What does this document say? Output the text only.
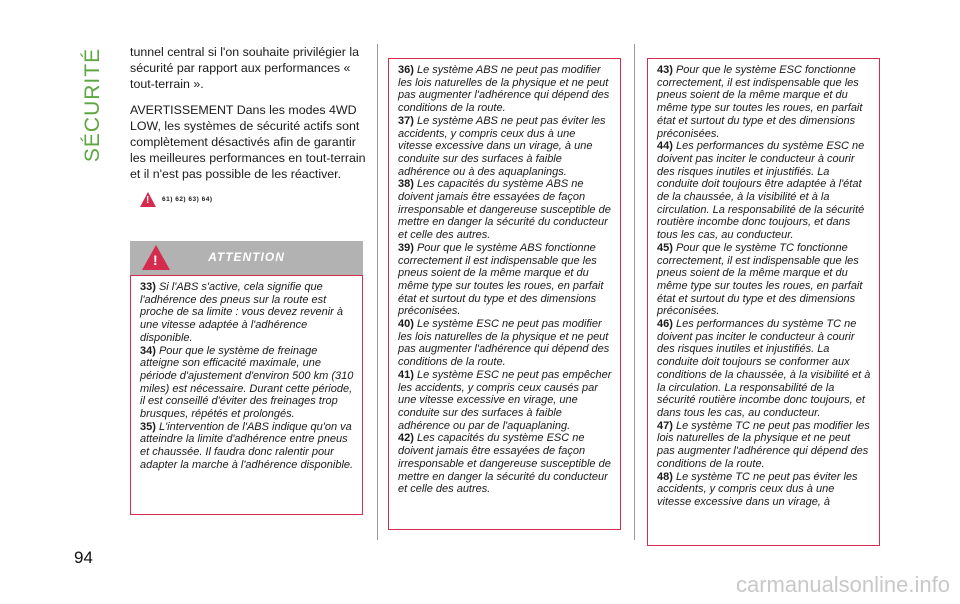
SÉCURITÉ
94
carmanualsonline.info

tunnel central si l'on souhaite privilégier la sécurité par rapport aux performances « tout-terrain ».

AVERTISSEMENT Dans les modes 4WD LOW, les systèmes de sécurité actifs sont complètement désactivés afin de garantir les meilleures performances en tout-terrain et il n'est pas possible de les réactiver.

!
61) 62) 63) 64)
!
ATTENTION

33) Si l'ABS s'active, cela signifie que l'adhérence des pneus sur la route est proche de sa limite : vous devez revenir à une vitesse adaptée à l'adhérence disponible.

34) Pour que le système de freinage atteigne son efficacité maximale, une période d'ajustement d'environ 500 km (310 miles) est nécessaire. Durant cette période, il est conseillé d'éviter des freinages trop brusques, répétés et prolongés.

35) L'intervention de l'ABS indique qu'on va atteindre la limite d'adhérence entre pneus et chaussée. Il faudra donc ralentir pour adapter la marche à l'adhérence disponible.

36) Le système ABS ne peut pas modifier les lois naturelles de la physique et ne peut pas augmenter l'adhérence qui dépend des conditions de la route.

37) Le système ABS ne peut pas éviter les accidents, y compris ceux dus à une vitesse excessive dans un virage, à une conduite sur des surfaces à faible adhérence ou à des aquaplanings.

38) Les capacités du système ABS ne doivent jamais être essayées de façon irresponsable et dangereuse susceptible de mettre en danger la sécurité du conducteur et celle des autres.

39) Pour que le système ABS fonctionne correctement il est indispensable que les pneus soient de la même marque et du même type sur toutes les roues, en parfait état et surtout du type et des dimensions préconisées.

40) Le système ESC ne peut pas modifier les lois naturelles de la physique et ne peut pas augmenter l'adhérence qui dépend des conditions de la route.

41) Le système ESC ne peut pas empêcher les accidents, y compris ceux causés par une vitesse excessive en virage, une conduite sur des surfaces à faible adhérence ou par de l'aquaplaning.

42) Les capacités du système ESC ne doivent jamais être essayées de façon irresponsable et dangereuse susceptible de mettre en danger la sécurité du conducteur et celle des autres.

43) Pour que le système ESC fonctionne correctement, il est indispensable que les pneus soient de la même marque et du même type sur toutes les roues, en parfait état et surtout du type et des dimensions préconisées.

44) Les performances du système ESC ne doivent pas inciter le conducteur à courir des risques inutiles et injustifiés. La conduite doit toujours être adaptée à l'état de la chaussée, à la visibilité et à la circulation. La responsabilité de la sécurité routière incombe donc toujours, et dans tous les cas, au conducteur.

45) Pour que le système TC fonctionne correctement, il est indispensable que les pneus soient de la même marque et du même type sur toutes les roues, en parfait état et surtout du type et des dimensions préconisées.

46) Les performances du système TC ne doivent pas inciter le conducteur à courir des risques inutiles et injustifiés. La conduite doit toujours se conformer aux conditions de la chaussée, à la visibilité et à la circulation. La responsabilité de la sécurité routière incombe donc toujours, et dans tous les cas, au conducteur.

47) Le système TC ne peut pas modifier les lois naturelles de la physique et ne peut pas augmenter l'adhérence qui dépend des conditions de la route.

48) Le système TC ne peut pas éviter les accidents, y compris ceux dus à une vitesse excessive dans un virage, à
